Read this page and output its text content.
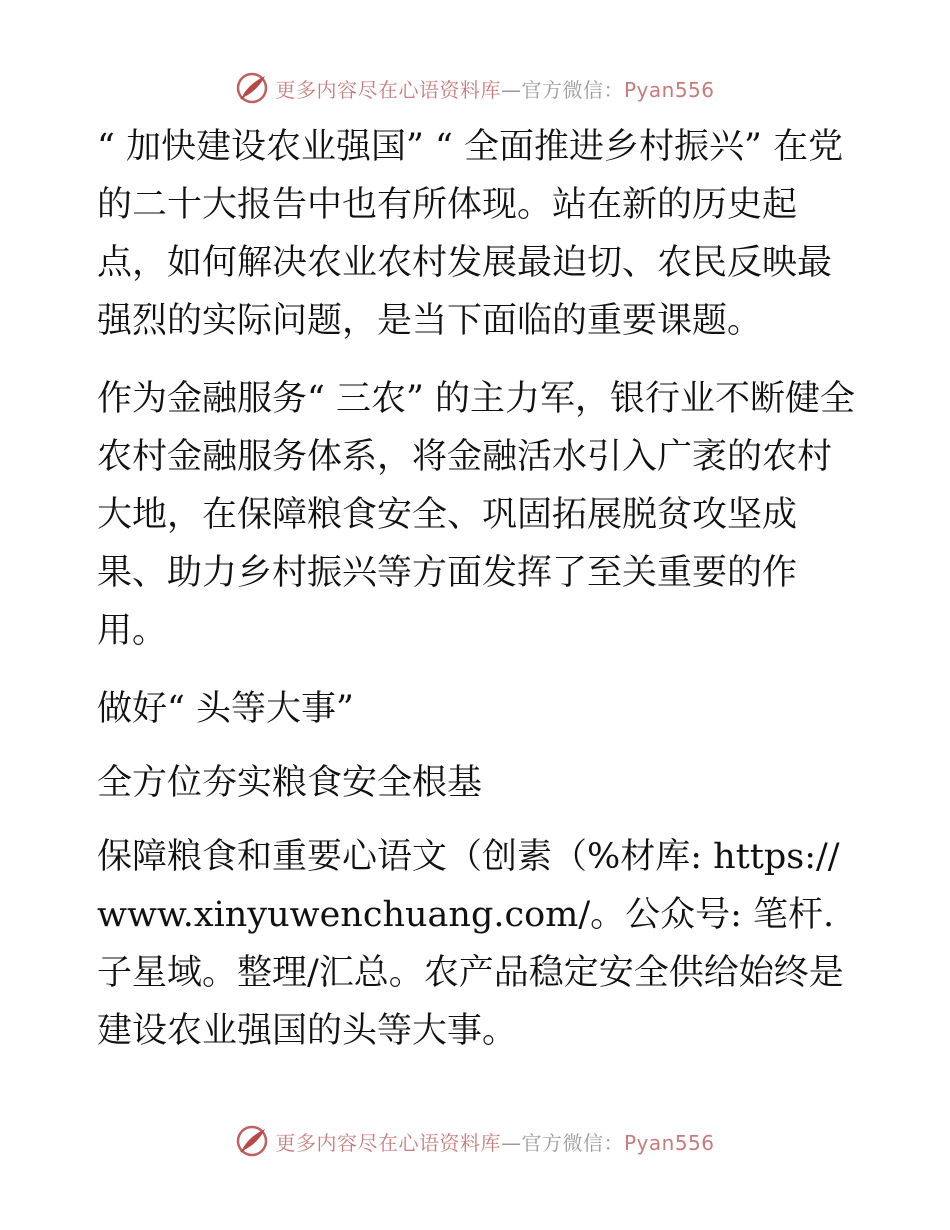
更多内容尽在心语资料库—官方微信：Pyan556

“ 加快建设农业强国” “ 全面推进乡村振兴” 在党的二十大报告中也有所体现。站在新的历史起点，如何解决农业农村发展最迫切、农民反映最强烈的实际问题，是当下面临的重要课题。

作为金融服务“ 三农” 的主力军，银行业不断健全农村金融服务体系，将金融活水引入广袤的农村大地，在保障粮食安全、巩固拓展脱贫攻坚成果、助力乡村振兴等方面发挥了至关重要的作用。

做好“ 头等大事”

全方位夯实粮食安全根基

保障粮食和重要心语文（创素（%材库: https://www.xinyuwenchuang.com/。公众号: 笔杆.子星域。整理/汇总。农产品稳定安全供给始终是建设农业强国的头等大事。

更多内容尽在心语资料库—官方微信：Pyan556
